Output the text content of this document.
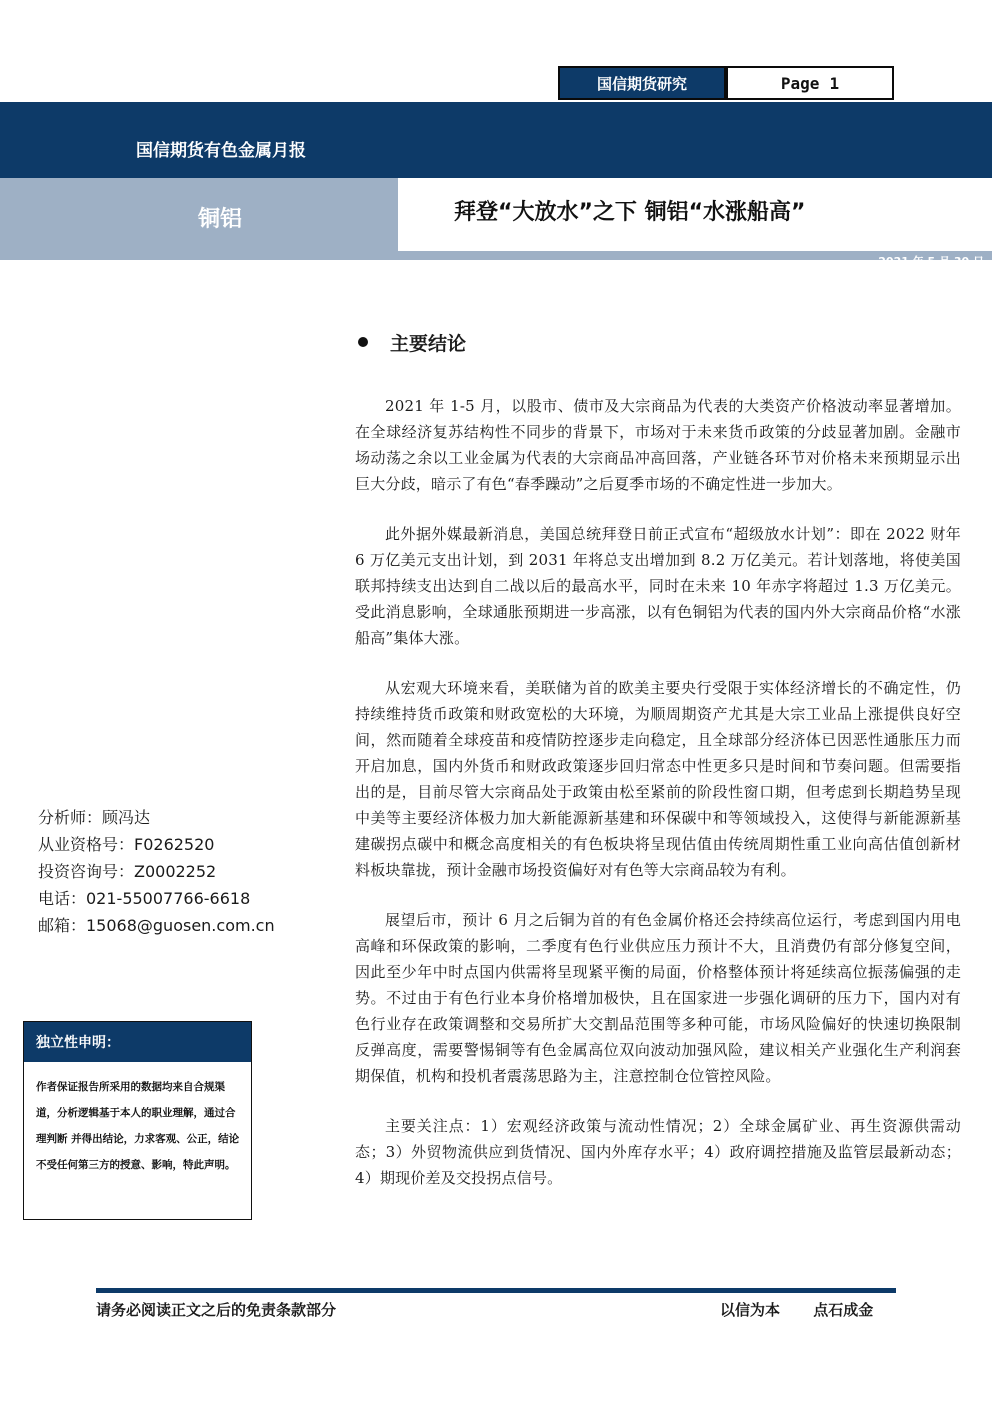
国信期货研究	Page 1
国信期货有色金属月报
铜铝	拜登“大放水”之下 铜铝“水涨船高”
2021 年 5 月 30 日
主要结论

2021 年 1-5 月，以股市、债市及大宗商品为代表的大类资产价格波动率显著增加。在全球经济复苏结构性不同步的背景下，市场对于未来货币政策的分歧显著加剧。金融市场动荡之余以工业金属为代表的大宗商品冲高回落，产业链各环节对价格未来预期显示出巨大分歧，暗示了有色“春季躁动”之后夏季市场的不确定性进一步加大。

此外据外媒最新消息，美国总统拜登日前正式宣布“超级放水计划”：即在 2022 财年 6 万亿美元支出计划，到 2031 年将总支出增加到 8.2 万亿美元。若计划落地，将使美国联邦持续支出达到自二战以后的最高水平，同时在未来 10 年赤字将超过 1.3 万亿美元。受此消息影响，全球通胀预期进一步高涨，以有色铜铝为代表的国内外大宗商品价格“水涨船高”集体大涨。

从宏观大环境来看，美联储为首的欧美主要央行受限于实体经济增长的不确定性，仍持续维持货币政策和财政宽松的大环境，为顺周期资产尤其是大宗工业品上涨提供良好空间，然而随着全球疫苗和疫情防控逐步走向稳定，且全球部分经济体已因恶性通胀压力而开启加息，国内外货币和财政政策逐步回归常态中性更多只是时间和节奏问题。但需要指出的是，目前尽管大宗商品处于政策由松至紧前的阶段性窗口期，但考虑到长期趋势呈现中美等主要经济体极力加大新能源新基建和环保碳中和等领域投入，这使得与新能源新基建碳拐点碳中和概念高度相关的有色板块将呈现估值由传统周期性重工业向高估值创新材料板块靠拢，预计金融市场投资偏好对有色等大宗商品较为有利。

展望后市，预计 6 月之后铜为首的有色金属价格还会持续高位运行，考虑到国内用电高峰和环保政策的影响，二季度有色行业供应压力预计不大，且消费仍有部分修复空间，因此至少年中时点国内供需将呈现紧平衡的局面，价格整体预计将延续高位振荡偏强的走势。不过由于有色行业本身价格增加极快，且在国家进一步强化调研的压力下，国内对有色行业存在政策调整和交易所扩大交割品范围等多种可能，市场风险偏好的快速切换限制反弹高度，需要警惕铜等有色金属高位双向波动加强风险，建议相关产业强化生产利润套期保值，机构和投机者震荡思路为主，注意控制仓位管控风险。

主要关注点：1）宏观经济政策与流动性情况；2）全球金属矿业、再生资源供需动态；3）外贸物流供应到货情况、国内外库存水平；4）政府调控措施及监管层最新动态；4）期现价差及交投拐点信号。

分析师：顾冯达
从业资格号：F0262520
投资咨询号：Z0002252
电话：021-55007766-6618
邮箱：15068@guosen.com.cn
独立性申明：
作者保证报告所采用的数据均来自合规渠道，分析逻辑基于本人的职业理解，通过合理判断 并得出结论，力求客观、公正，结论不受任何第三方的授意、影响，特此声明。
请务必阅读正文之后的免责条款部分	以信为本 点石成金
